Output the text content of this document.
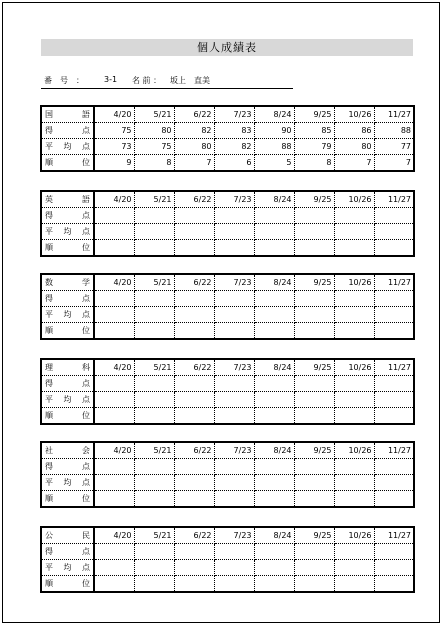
個人成績表
番　号　：	3-1 名 前 ： 坂上　直美
国 語	4/20	5/21	6/22	7/23	8/24	9/25	10/26	11/27

得 点	75	80	82	83	90	85	86	88

平 均 点	73	75	80	82	88	79	80	77

順 位	9	8	7	6	5	8	7	7
英 語	4/20	5/21	6/22	7/23	8/24	9/25	10/26	11/27

得 点								

平 均 点								

順 位								

数 学	4/20	5/21	6/22	7/23	8/24	9/25	10/26	11/27

得 点								

平 均 点								

順 位								

理 科	4/20	5/21	6/22	7/23	8/24	9/25	10/26	11/27

得 点								

平 均 点								

順 位								

社 会	4/20	5/21	6/22	7/23	8/24	9/25	10/26	11/27

得 点								

平 均 点								

順 位								

公 民	4/20	5/21	6/22	7/23	8/24	9/25	10/26	11/27

得 点								

平 均 点								

順 位								
